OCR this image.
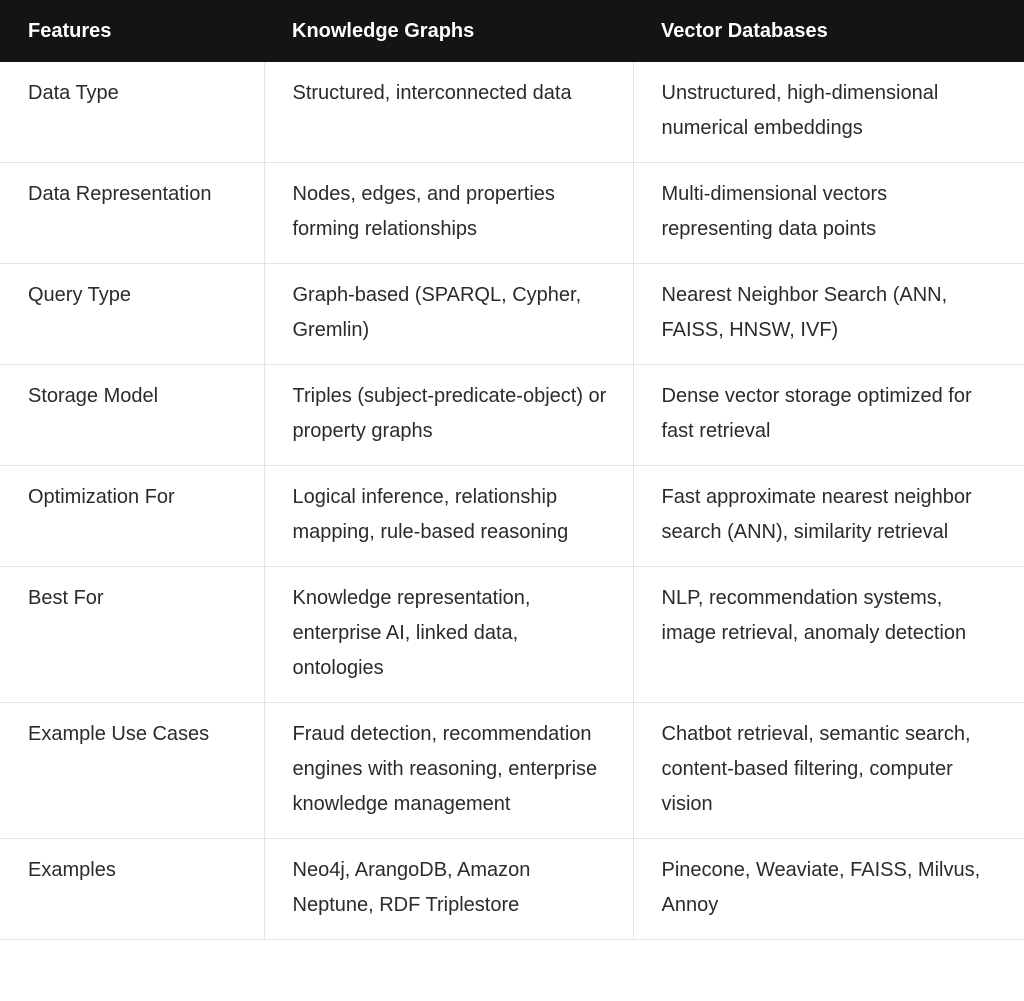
Features	Knowledge Graphs	Vector Databases
Data Type	Structured, interconnected data	Unstructured, high-dimensional numerical embeddings
Data Representation	Nodes, edges, and properties forming relationships	Multi-dimensional vectors representing data points
Query Type	Graph-based (SPARQL, Cypher, Gremlin)	Nearest Neighbor Search (ANN, FAISS, HNSW, IVF)
Storage Model	Triples (subject-predicate-object) or property graphs	Dense vector storage optimized for fast retrieval
Optimization For	Logical inference, relationship mapping, rule-based reasoning	Fast approximate nearest neighbor search (ANN), similarity retrieval
Best For	Knowledge representation, enterprise AI, linked data, ontologies	NLP, recommendation systems, image retrieval, anomaly detection
Example Use Cases	Fraud detection, recommendation engines with reasoning, enterprise knowledge management	Chatbot retrieval, semantic search, content-based filtering, computer vision
Examples	Neo4j, ArangoDB, Amazon Neptune, RDF Triplestore	Pinecone, Weaviate, FAISS, Milvus, Annoy
